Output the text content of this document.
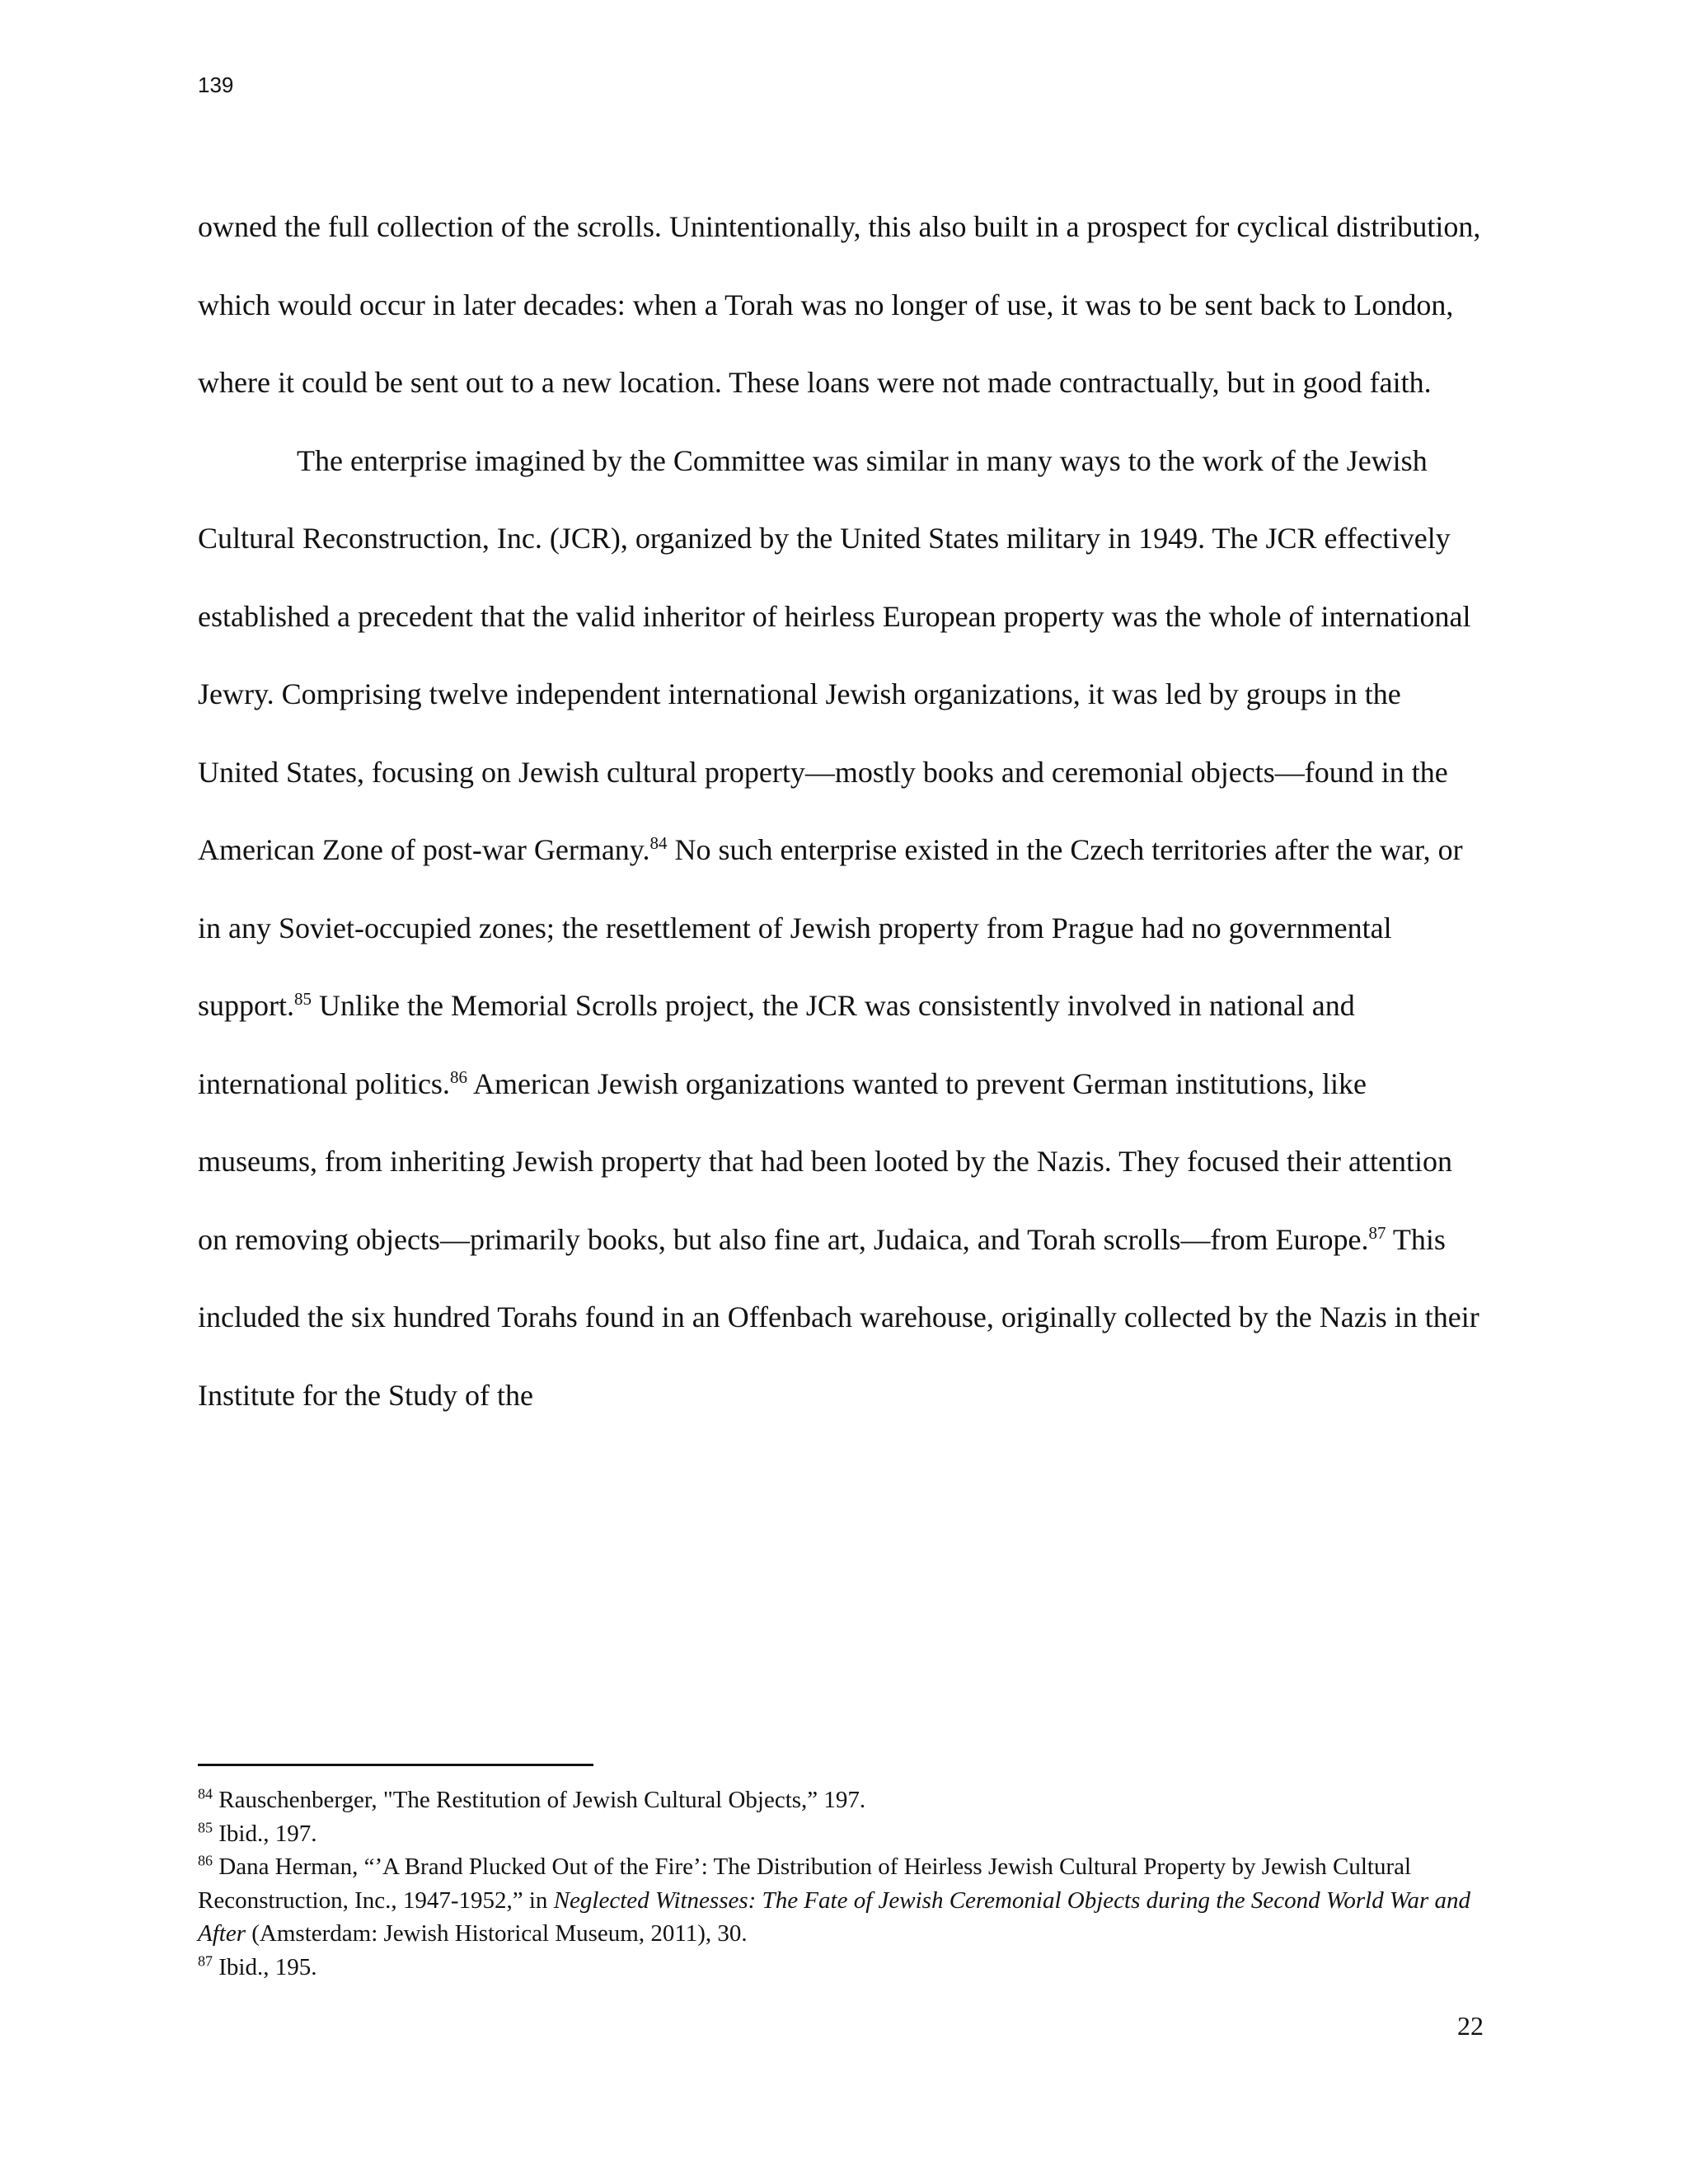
139

owned the full collection of the scrolls. Unintentionally, this also built in a prospect for cyclical distribution, which would occur in later decades: when a Torah was no longer of use, it was to be sent back to London, where it could be sent out to a new location. These loans were not made contractually, but in good faith.

The enterprise imagined by the Committee was similar in many ways to the work of the Jewish Cultural Reconstruction, Inc. (JCR), organized by the United States military in 1949. The JCR effectively established a precedent that the valid inheritor of heirless European property was the whole of international Jewry. Comprising twelve independent international Jewish organizations, it was led by groups in the United States, focusing on Jewish cultural property—mostly books and ceremonial objects—found in the American Zone of post-war Germany.$^{84}$ No such enterprise existed in the Czech territories after the war, or in any Soviet-occupied zones; the resettlement of Jewish property from Prague had no governmental support.$^{85}$ Unlike the Memorial Scrolls project, the JCR was consistently involved in national and international politics.$^{86}$ American Jewish organizations wanted to prevent German institutions, like museums, from inheriting Jewish property that had been looted by the Nazis. They focused their attention on removing objects—primarily books, but also fine art, Judaica, and Torah scrolls—from Europe.$^{87}$ This included the six hundred Torahs found in an Offenbach warehouse, originally collected by the Nazis in their Institute for the Study of the

$^{84}$ Rauschenberger, "The Restitution of Jewish Cultural Objects,” 197.

$^{85}$ Ibid., 197.

$^{86}$ Dana Herman, “’A Brand Plucked Out of the Fire’: The Distribution of Heirless Jewish Cultural Property by Jewish Cultural Reconstruction, Inc., 1947-1952,” in Neglected Witnesses: The Fate of Jewish Ceremonial Objects during the Second World War and After (Amsterdam: Jewish Historical Museum, 2011), 30.

$^{87}$ Ibid., 195.

22
